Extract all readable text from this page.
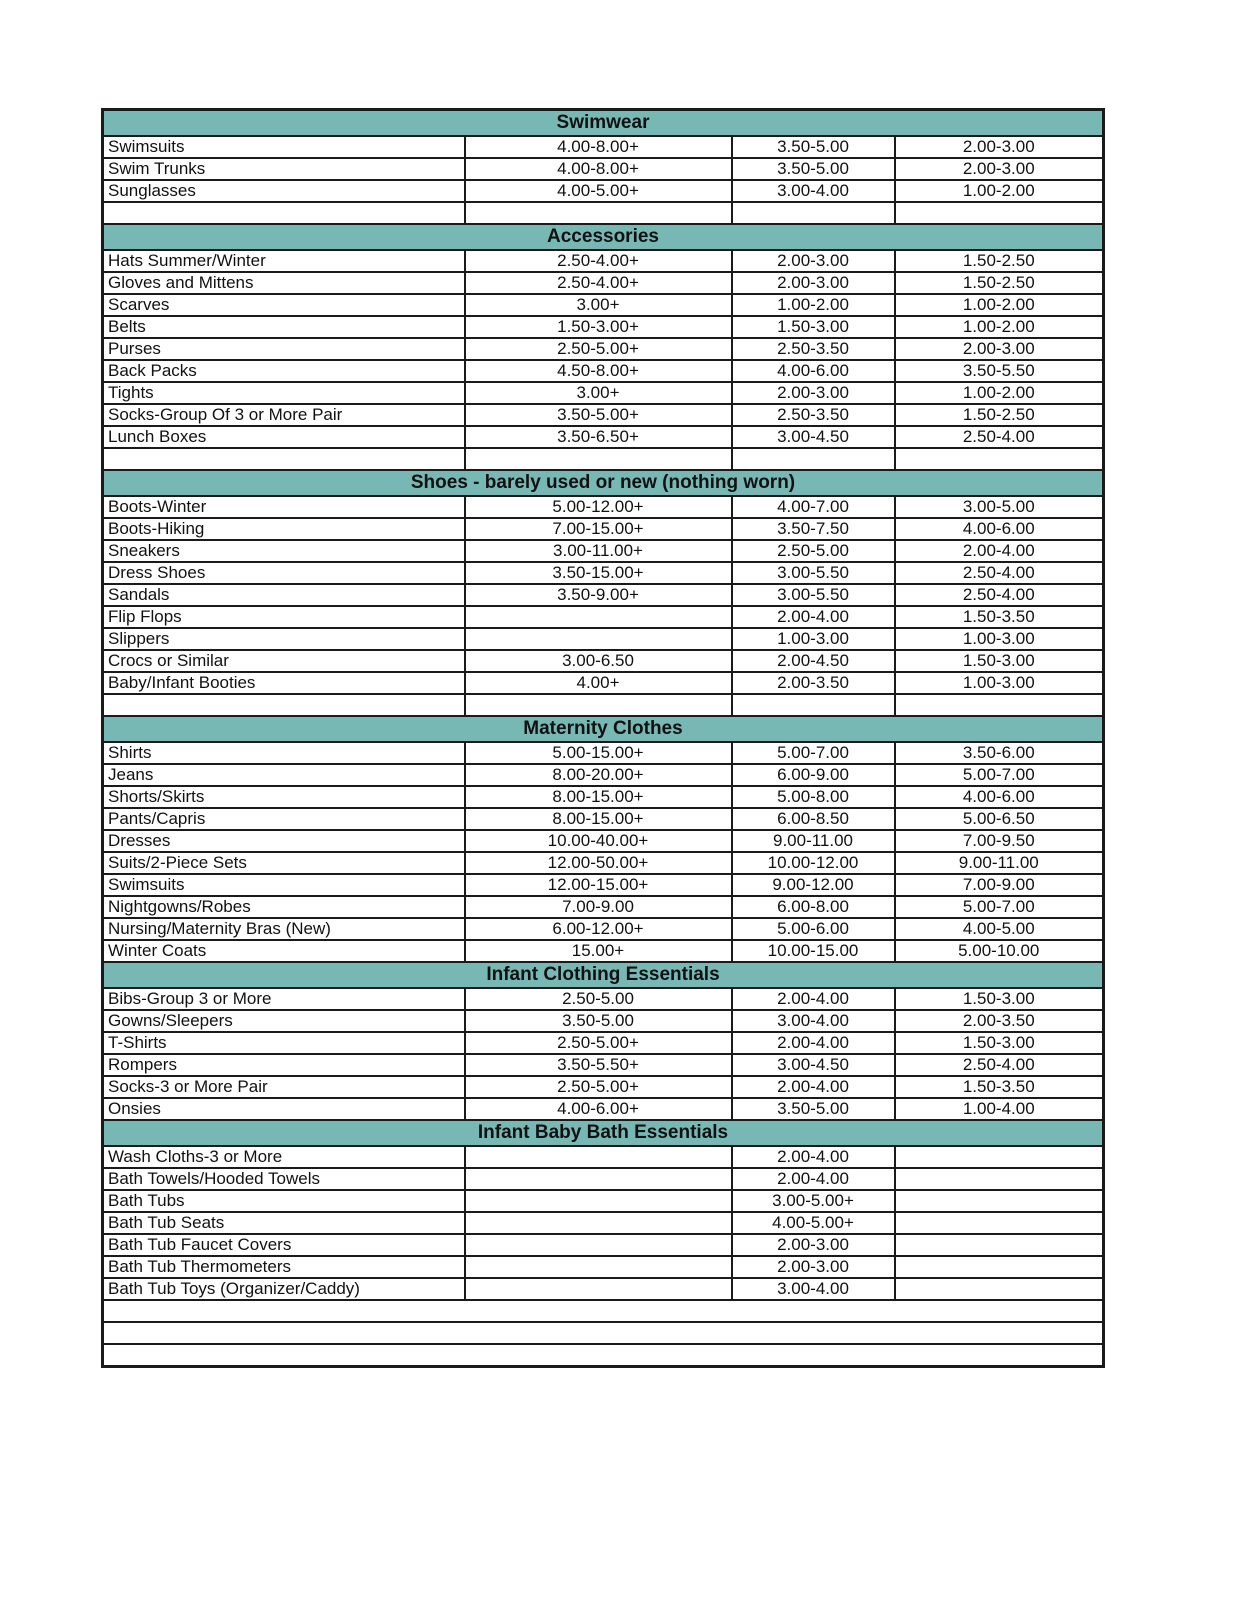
Swimwear			
Swimsuits	4.00-8.00+	3.50-5.00	2.00-3.00
Swim Trunks	4.00-8.00+	3.50-5.00	2.00-3.00
Sunglasses	4.00-5.00+	3.00-4.00	1.00-2.00

Accessories			
Hats Summer/Winter	2.50-4.00+	2.00-3.00	1.50-2.50
Gloves and Mittens	2.50-4.00+	2.00-3.00	1.50-2.50
Scarves	3.00+	1.00-2.00	1.00-2.00
Belts	1.50-3.00+	1.50-3.00	1.00-2.00
Purses	2.50-5.00+	2.50-3.50	2.00-3.00
Back Packs	4.50-8.00+	4.00-6.00	3.50-5.50
Tights	3.00+	2.00-3.00	1.00-2.00
Socks-Group Of 3 or More Pair	3.50-5.00+	2.50-3.50	1.50-2.50
Lunch Boxes	3.50-6.50+	3.00-4.50	2.50-4.00

Shoes - barely used or new (nothing worn)			
Boots-Winter	5.00-12.00+	4.00-7.00	3.00-5.00
Boots-Hiking	7.00-15.00+	3.50-7.50	4.00-6.00
Sneakers	3.00-11.00+	2.50-5.00	2.00-4.00
Dress Shoes	3.50-15.00+	3.00-5.50	2.50-4.00
Sandals	3.50-9.00+	3.00-5.50	2.50-4.00
Flip Flops		2.00-4.00	1.50-3.50
Slippers		1.00-3.00	1.00-3.00
Crocs or Similar	3.00-6.50	2.00-4.50	1.50-3.00
Baby/Infant Booties	4.00+	2.00-3.50	1.00-3.00

Maternity Clothes			
Shirts	5.00-15.00+	5.00-7.00	3.50-6.00
Jeans	8.00-20.00+	6.00-9.00	5.00-7.00
Shorts/Skirts	8.00-15.00+	5.00-8.00	4.00-6.00
Pants/Capris	8.00-15.00+	6.00-8.50	5.00-6.50
Dresses	10.00-40.00+	9.00-11.00	7.00-9.50
Suits/2-Piece Sets	12.00-50.00+	10.00-12.00	9.00-11.00
Swimsuits	12.00-15.00+	9.00-12.00	7.00-9.00
Nightgowns/Robes	7.00-9.00	6.00-8.00	5.00-7.00
Nursing/Maternity Bras (New)	6.00-12.00+	5.00-6.00	4.00-5.00
Winter Coats	15.00+	10.00-15.00	5.00-10.00
Infant Clothing Essentials			
Bibs-Group 3 or More	2.50-5.00	2.00-4.00	1.50-3.00
Gowns/Sleepers	3.50-5.00	3.00-4.00	2.00-3.50
T-Shirts	2.50-5.00+	2.00-4.00	1.50-3.00
Rompers	3.50-5.50+	3.00-4.50	2.50-4.00
Socks-3 or More Pair	2.50-5.00+	2.00-4.00	1.50-3.50
Onsies	4.00-6.00+	3.50-5.00	1.00-4.00
Infant Baby Bath Essentials			
Wash Cloths-3 or More		2.00-4.00	
Bath Towels/Hooded Towels		2.00-4.00	
Bath Tubs		3.00-5.00+	
Bath Tub Seats		4.00-5.00+	
Bath Tub Faucet Covers		2.00-3.00	
Bath Tub Thermometers		2.00-3.00	
Bath Tub Toys (Organizer/Caddy)		3.00-4.00	
